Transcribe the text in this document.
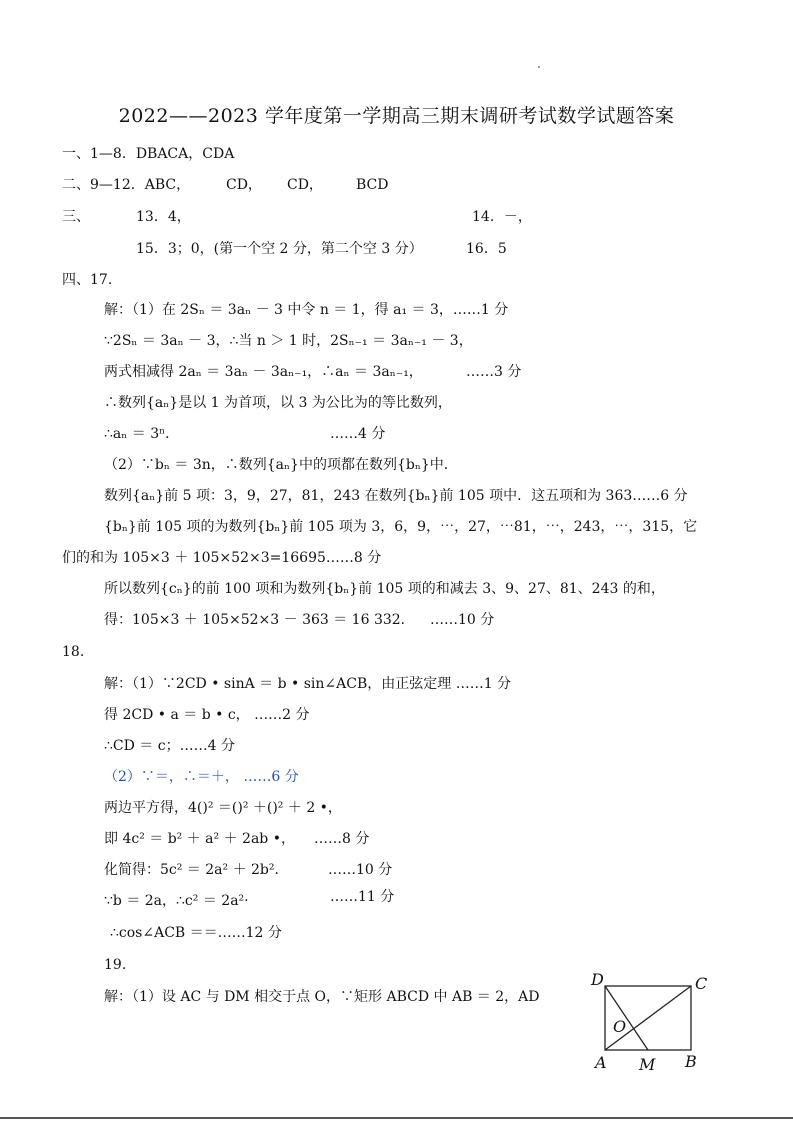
2022——2023 学年度第一学期高三期末调研考试数学试题答案
一、1—8．DBACA，CDA
二、9—12．ABC，	CD， CD， BCD
三、	13．4，	14．－，
15．3；0，(第一个空 2 分，第二个空 3 分）	16．5
四、17.
解：（1）在 2Sₙ ＝ 3aₙ － 3 中令 n ＝ 1，得 a₁ ＝ 3，……1 分
∵2Sₙ ＝ 3aₙ － 3，∴当 n ＞ 1 时，2Sₙ₋₁ ＝ 3aₙ₋₁ － 3，
两式相减得 2aₙ ＝ 3aₙ － 3aₙ₋₁，∴aₙ ＝ 3aₙ₋₁，	……3 分
∴数列{aₙ}是以 1 为首项，以 3 为公比为的等比数列，
∴aₙ ＝ 3ⁿ．	……4 分
（2）∵bₙ ＝ 3n，∴数列{aₙ}中的项都在数列{bₙ}中．
数列{aₙ}前 5 项：3，9，27，81，243 在数列{bₙ}前 105 项中．这五项和为 363……6 分
{bₙ}前 105 项的为数列{bₙ}前 105 项为 3，6，9，⋯，27，⋯81，⋯，243，⋯，315，它
们的和为 105×3 ＋ 105×52×3=16695……8 分
所以数列{cₙ}的前 100 项和为数列{bₙ}前 105 项的和减去 3、9、27、81、243 的和，
得：105×3 ＋ 105×52×3 － 363 ＝ 16 332． ……10 分
18.
解：（1）∵2CD • sinA ＝ b • sin∠ACB，由正弦定理 ……1 分
得 2CD • a ＝ b • c， ……2 分
∴CD ＝ c；……4 分
（2）∵＝，∴＝＋， ……6 分
两边平方得，4()² ＝()² ＋()² ＋ 2 •，
即 4c² ＝ b² ＋ a² ＋ 2ab •， ……8 分
化简得：5c² ＝ 2a² ＋ 2b²．	……10 分
∵b ＝ 2a，∴c² ＝ 2a²·	……11 分
∴cos∠ACB ＝＝……12 分
19.
解：（1）设 AC 与 DM 相交于点 O，∵矩形 ABCD 中 AB ＝ 2，AD
D	C
O
A M B
